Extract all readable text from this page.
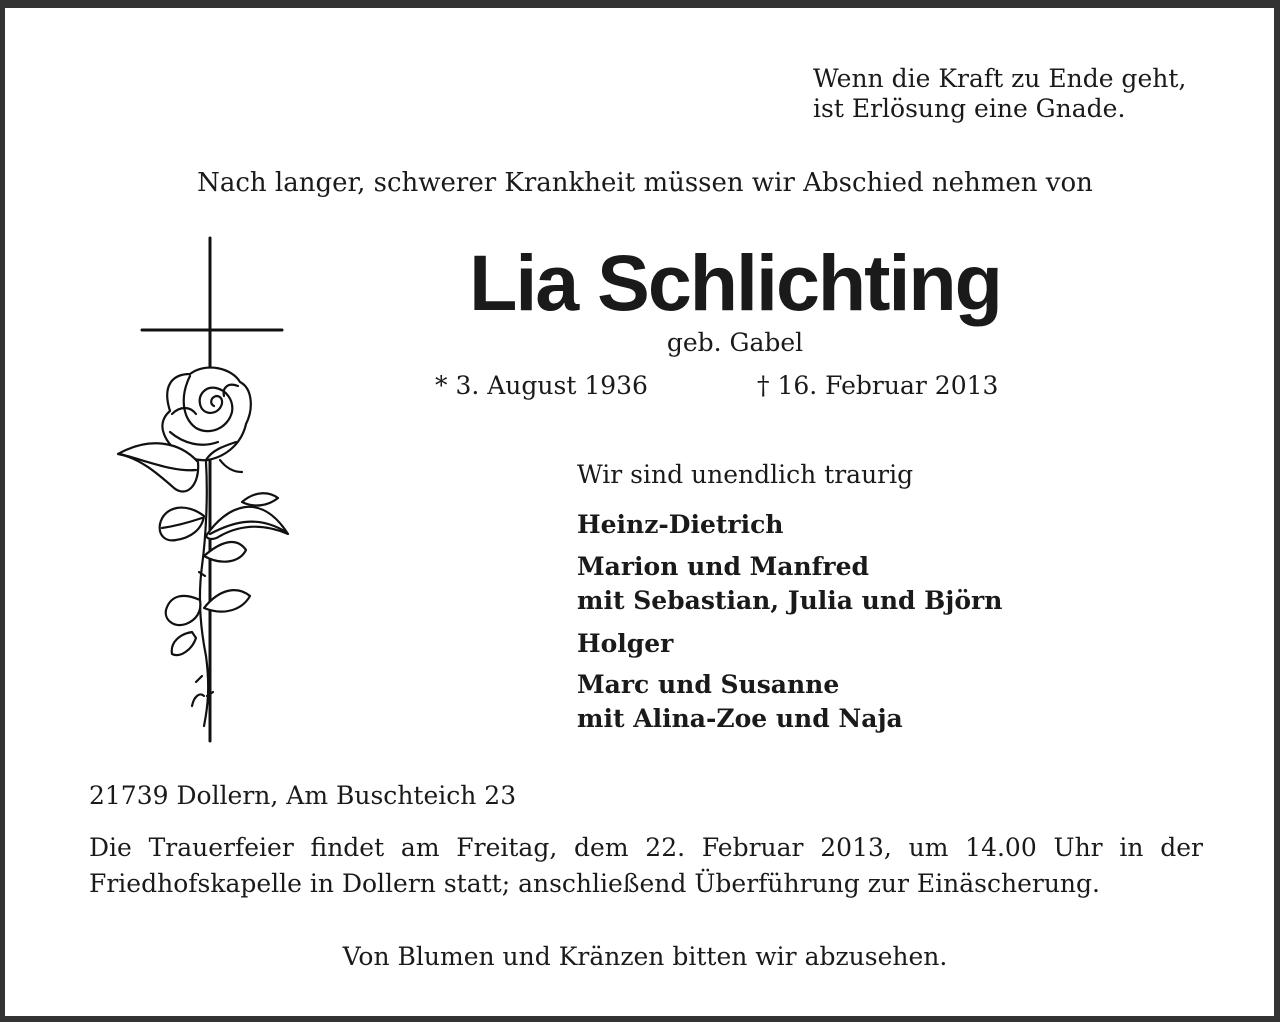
Wenn die Kraft zu Ende geht,
ist Erlösung eine Gnade.

Nach langer, schwerer Krankheit müssen wir Abschied nehmen von

Lia Schlichting

geb. Gabel

* 3. August 1936	† 16. Februar 2013

Wir sind unendlich traurig

Heinz-Dietrich

Marion und Manfred
mit Sebastian, Julia und Björn

Holger

Marc und Susanne
mit Alina-Zoe und Naja

21739 Dollern, Am Buschteich 23

Die Trauerfeier findet am Freitag, dem 22. Februar 2013, um 14.00 Uhr in der Friedhofskapelle in Dollern statt; anschließend Überführung zur Einäscherung.

Von Blumen und Kränzen bitten wir abzusehen.
